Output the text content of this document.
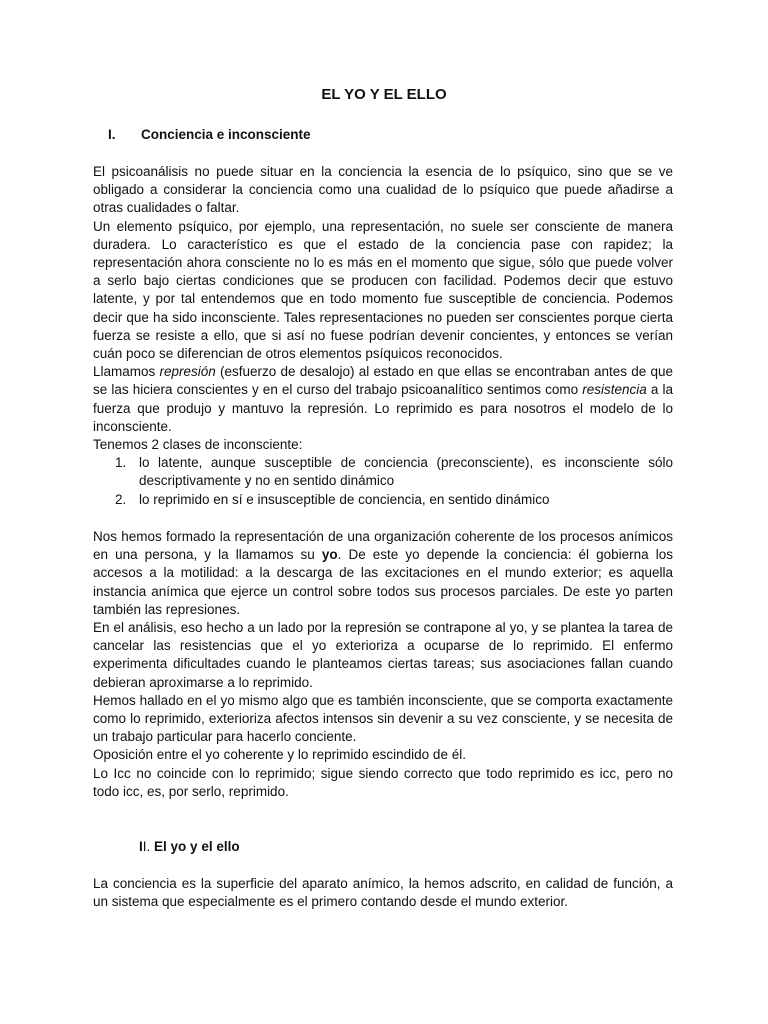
EL YO Y EL ELLO
I. Conciencia e inconsciente

El psicoanálisis no puede situar en la conciencia la esencia de lo psíquico, sino que se ve obligado a considerar la conciencia como una cualidad de lo psíquico que puede añadirse a otras cualidades o faltar.

Un elemento psíquico, por ejemplo, una representación, no suele ser consciente de manera duradera. Lo característico es que el estado de la conciencia pase con rapidez; la representación ahora consciente no lo es más en el momento que sigue, sólo que puede volver a serlo bajo ciertas condiciones que se producen con facilidad. Podemos decir que estuvo latente, y por tal entendemos que en todo momento fue susceptible de conciencia. Podemos decir que ha sido inconsciente. Tales representaciones no pueden ser conscientes porque cierta fuerza se resiste a ello, que si así no fuese podrían devenir concientes, y entonces se verían cuán poco se diferencian de otros elementos psíquicos reconocidos.

Llamamos represión (esfuerzo de desalojo) al estado en que ellas se encontraban antes de que se las hiciera conscientes y en el curso del trabajo psicoanalítico sentimos como resistencia a la fuerza que produjo y mantuvo la represión. Lo reprimido es para nosotros el modelo de lo inconsciente.

Tenemos 2 clases de inconsciente:

1. lo latente, aunque susceptible de conciencia (preconsciente), es inconsciente sólo descriptivamente y no en sentido dinámico
2. lo reprimido en sí e insusceptible de conciencia, en sentido dinámico

Nos hemos formado la representación de una organización coherente de los procesos anímicos en una persona, y la llamamos su yo. De este yo depende la conciencia: él gobierna los accesos a la motilidad: a la descarga de las excitaciones en el mundo exterior; es aquella instancia anímica que ejerce un control sobre todos sus procesos parciales. De este yo parten también las represiones.

En el análisis, eso hecho a un lado por la represión se contrapone al yo, y se plantea la tarea de cancelar las resistencias que el yo exterioriza a ocuparse de lo reprimido. El enfermo experimenta dificultades cuando le planteamos ciertas tareas; sus asociaciones fallan cuando debieran aproximarse a lo reprimido.

Hemos hallado en el yo mismo algo que es también inconsciente, que se comporta exactamente como lo reprimido, exterioriza afectos intensos sin devenir a su vez consciente, y se necesita de un trabajo particular para hacerlo conciente.

Oposición entre el yo coherente y lo reprimido escindido de él.

Lo Icc no coincide con lo reprimido; sigue siendo correcto que todo reprimido es icc, pero no todo icc, es, por serlo, reprimido.

II. El yo y el ello

La conciencia es la superficie del aparato anímico, la hemos adscrito, en calidad de función, a un sistema que especialmente es el primero contando desde el mundo exterior.
